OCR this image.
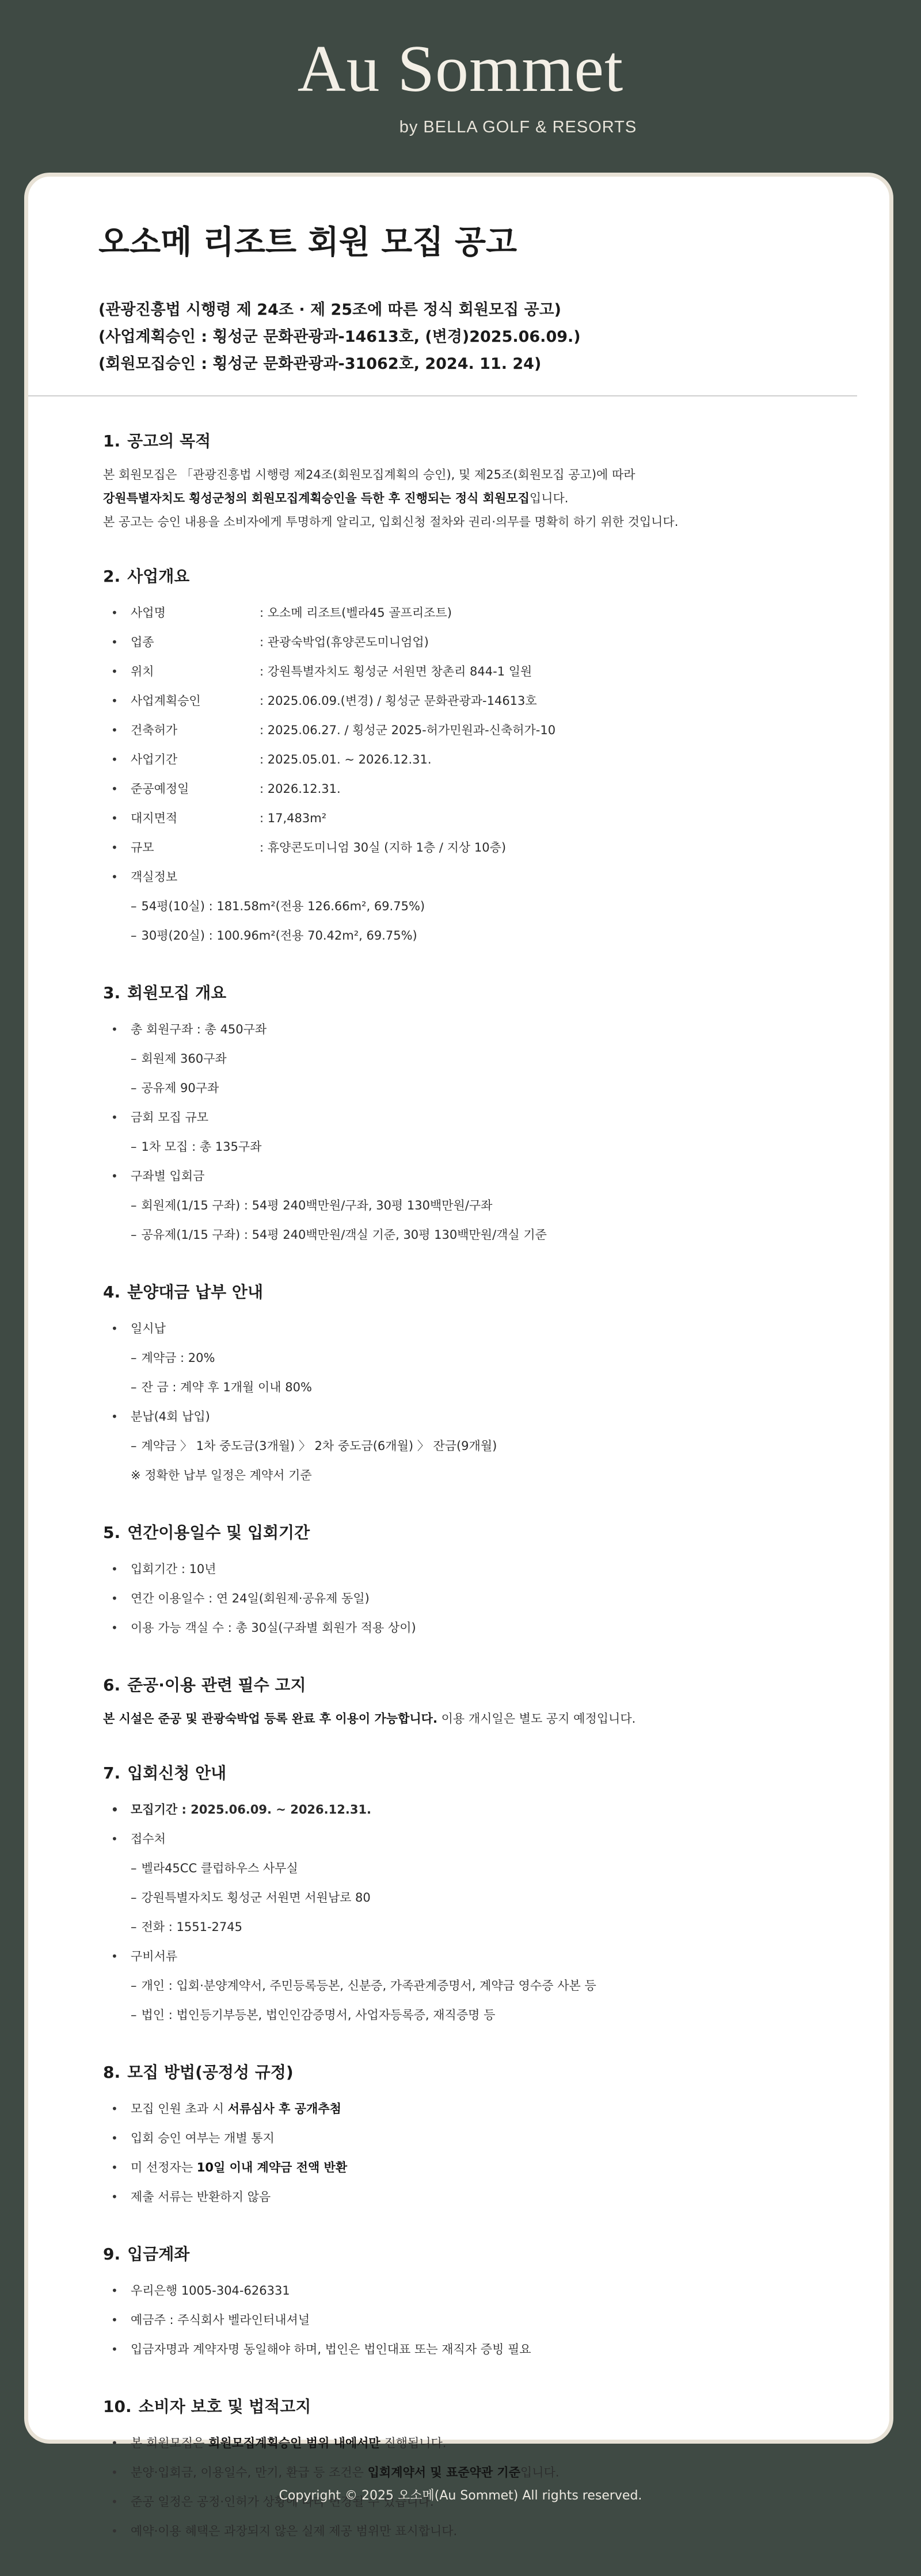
Au Sommet
by BELLA GOLF & RESORTS
오소메 리조트 회원 모집 공고
(관광진흥법 시행령 제 24조 · 제 25조에 따른 정식 회원모집 공고)
(사업계획승인 : 횡성군 문화관광과-14613호, (변경)2025.06.09.)
(회원모집승인 : 횡성군 문화관광과-31062호, 2024. 11. 24)
1. 공고의 목적

본 회원모집은 「관광진흥법 시행령 제24조(회원모집계획의 승인), 및 제25조(회원모집 공고)에 따라

강원특별자치도 횡성군청의 회원모집계획승인을 득한 후 진행되는 정식 회원모집입니다.

본 공고는 승인 내용을 소비자에게 투명하게 알리고, 입회신청 절차와 권리·의무를 명확히 하기 위한 것입니다.

2. 사업개요
• 사업명	: 오소메 리조트(벨라45 골프리조트)
• 업종	: 관광숙박업(휴양콘도미니엄업)
• 위치	: 강원특별자치도 횡성군 서원면 창촌리 844-1 일원
• 사업계획승인	: 2025.06.09.(변경) / 횡성군 문화관광과-14613호
• 건축허가	: 2025.06.27. / 횡성군 2025-허가민원과-신축허가-10
• 사업기간	: 2025.05.01. ~ 2026.12.31.
• 준공예정일	: 2026.12.31.
• 대지면적	: 17,483m²
• 규모	: 휴양콘도미니엄 30실 (지하 1층 / 지상 10층)
• 객실정보
– 54평(10실) : 181.58m²(전용 126.66m², 69.75%)
– 30평(20실) : 100.96m²(전용 70.42m², 69.75%)
3. 회원모집 개요
• 총 회원구좌 : 총 450구좌
– 회원제 360구좌
– 공유제 90구좌
• 금회 모집 규모
– 1차 모집 : 총 135구좌
• 구좌별 입회금
– 회원제(1/15 구좌) : 54평 240백만원/구좌, 30평 130백만원/구좌
– 공유제(1/15 구좌) : 54평 240백만원/객실 기준, 30평 130백만원/객실 기준
4. 분양대금 납부 안내
• 일시납
– 계약금 : 20%
– 잔 금 : 계약 후 1개월 이내 80%
• 분납(4회 납입)
– 계약금 〉 1차 중도금(3개월) 〉 2차 중도금(6개월) 〉 잔금(9개월)
※ 정확한 납부 일정은 계약서 기준
5. 연간이용일수 및 입회기간
• 입회기간 : 10년
• 연간 이용일수 : 연 24일(회원제·공유제 동일)
• 이용 가능 객실 수 : 총 30실(구좌별 회원가 적용 상이)
6. 준공·이용 관련 필수 고지

본 시설은 준공 및 관광숙박업 등록 완료 후 이용이 가능합니다. 이용 개시일은 별도 공지 예정입니다.

7. 입회신청 안내
• 모집기간 : 2025.06.09. ~ 2026.12.31.
• 접수처
– 벨라45CC 클럽하우스 사무실
– 강원특별자치도 횡성군 서원면 서원남로 80
– 전화 : 1551-2745
• 구비서류
– 개인 : 입회·분양계약서, 주민등록등본, 신분증, 가족관계증명서, 계약금 영수증 사본 등
– 법인 : 법인등기부등본, 법인인감증명서, 사업자등록증, 재직증명 등
8. 모집 방법(공정성 규정)
• 모집 인원 초과 시 서류심사 후 공개추첨
• 입회 승인 여부는 개별 통지
• 미 선정자는 10일 이내 계약금 전액 반환
• 제출 서류는 반환하지 않음
9. 입금계좌
• 우리은행 1005-304-626331
• 예금주 : 주식회사 벨라인터내셔널
• 입금자명과 계약자명 동일해야 하며, 법인은 법인대표 또는 재직자 증빙 필요
10. 소비자 보호 및 법적고지
• 본 회원모집은 회원모집계획승인 범위 내에서만 진행됩니다.
• 분양·입회금, 이용일수, 만기, 환급 등 조건은 입회계약서 및 표준약관 기준입니다.
• 준공 일정은 공정·인허가 상황에 따라 변경될 수 있습니다.
• 예약·이용 혜택은 과장되지 않은 실제 제공 범위만 표시합니다.
Copyright © 2025 오소메(Au Sommet) All rights reserved.
